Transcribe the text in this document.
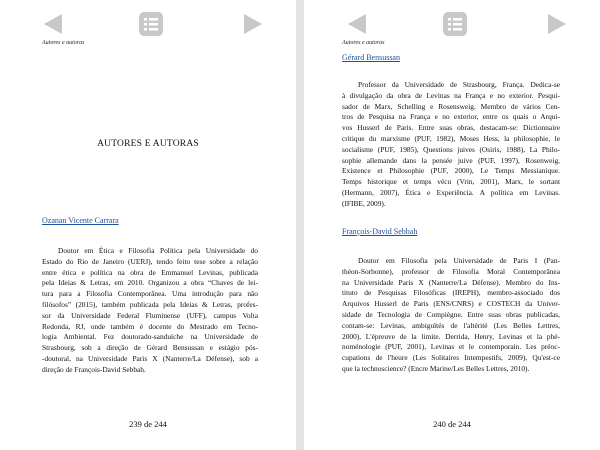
Autores e autoras
AUTORES E AUTORAS
Ozanan Vicente Carrara
Doutor em Ética e Filosofia Política pela Universidade do
Estado do Rio de Janeiro (UERJ), tendo feito tese sobre a relação
entre ética e política na obra de Emmanuel Levinas, publicada
pela Ideias & Letras, em 2010. Organizou a obra “Chaves de lei-
tura para a Filosofia Contemporânea. Uma introdução para não
filósofos” (2015), também publicada pela Ideias & Letras, profes-
sor da Universidade Federal Fluminense (UFF), campus Volta
Redonda, RJ, onde também é docente do Mestrado em Tecno-
logia Ambiental. Fez doutorado-sanduíche na Universidade de
Strasbourg, sob a direção de Gérard Bensussan e estágio pós-
-doutoral, na Universidade Paris X (Nanterre/La Défense), sob a
direção de François-David Sebbah.
239 de 244
Autores e autoras
Gérard Bensussan
Professor da Universidade de Strasbourg, França. Dedica-se
à divulgação da obra de Levinas na França e no exterior. Pesqui-
sador de Marx, Schelling e Rosensweig. Membro de vários Cen-
tros de Pesquisa na França e no exterior, entre os quais o Arqui-
vos Husserl de Paris. Entre suas obras, destacam-se: Dictionnaire
critique du marxisme (PUF, 1982), Moses Hess, la philosophie, le
socialisme (PUF, 1985), Questions juives (Osiris, 1988), La Philo-
sophie allemande dans la pensée juive (PUF, 1997), Rosenweig,
Existence et Philosophie (PUF, 2000), Le Temps Messianique.
Temps historique et temps vécu (Vrin, 2001), Marx, le sortant
(Hermann, 2007), Ética e Experiência. A política em Levinas.
(IFIBE, 2009).
François-David Sebbah
Doutor em Filosofia pela Universidade de Paris I (Pan-
théon-Sorbonne), professor de Filosofia Moral Contemporânea
na Universidade Paris X (Nanterre/La Défense). Membro do Ins-
tituto de Pesquisas Filosóficas (IREPH), membro-associado dos
Arquivos Husserl de Paris (ENS/CNRS) e COSTECH da Univer-
sidade de Tecnologia de Compiègne. Entre suas obras publicadas,
contam-se: Levinas, ambiguïtés de l'altérité (Les Belles Lettres,
2000), L'épreuve de la limite. Derrida, Henry, Levinas et la phé-
noménologie (PUF, 2001), Levinas et le contemporain. Les préoc-
cupations de l'heure (Les Solitaires Intempestifs, 2009), Qu'est-ce
que la technoscience? (Encre Marine/Les Belles Lettres, 2010).
240 de 244
